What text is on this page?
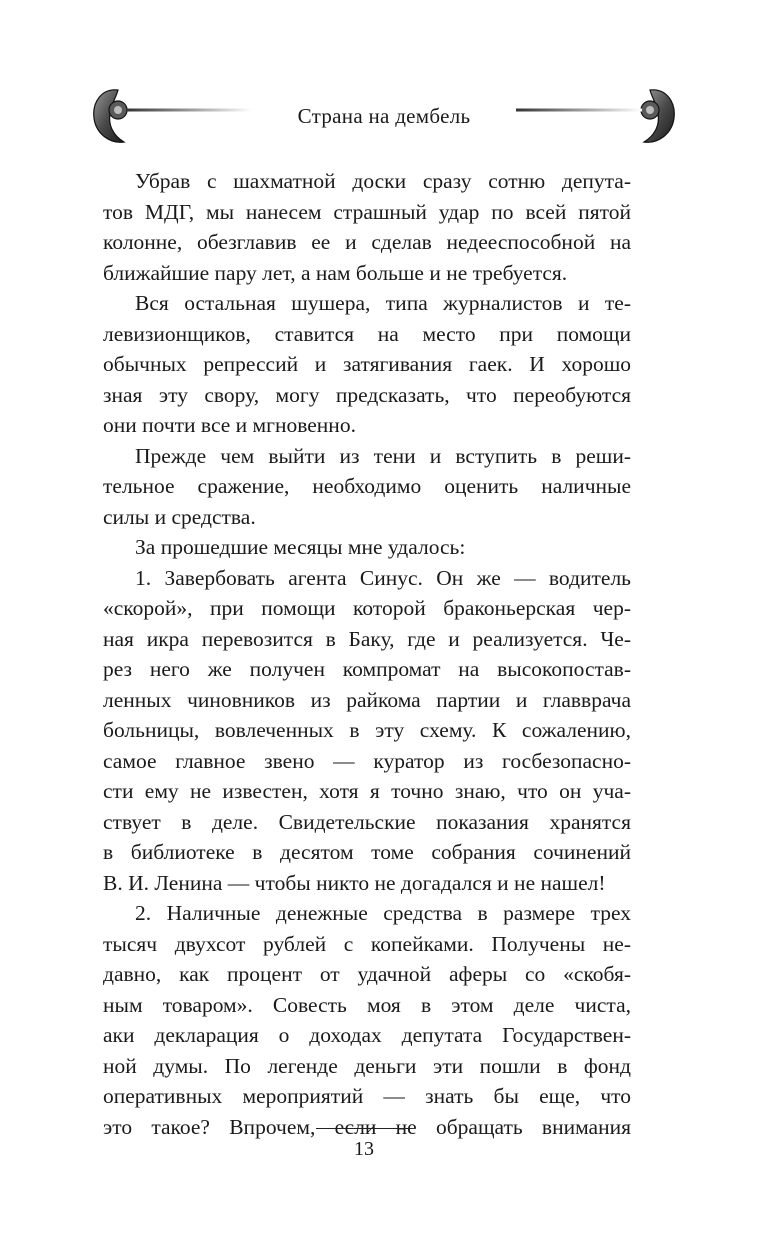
Страна на дембель
Убрав с шахматной доски сразу сотню депута-
тов МДГ, мы нанесем страшный удар по всей пятой
колонне, обезглавив ее и сделав недееспособной на
ближайшие пару лет, а нам больше и не требуется.
Вся остальная шушера, типа журналистов и те-
левизионщиков, ставится на место при помощи
обычных репрессий и затягивания гаек. И хорошо
зная эту свору, могу предсказать, что переобуются
они почти все и мгновенно.
Прежде чем выйти из тени и вступить в реши-
тельное сражение, необходимо оценить наличные
силы и средства.
За прошедшие месяцы мне удалось:
1. Завербовать агента Синус. Он же — водитель
«скорой», при помощи которой браконьерская чер-
ная икра перевозится в Баку, где и реализуется. Че-
рез него же получен компромат на высокопостав-
ленных чиновников из райкома партии и главврача
больницы, вовлеченных в эту схему. К сожалению,
самое главное звено — куратор из госбезопасно-
сти ему не известен, хотя я точно знаю, что он уча-
ствует в деле. Свидетельские показания хранятся
в библиотеке в десятом томе собрания сочинений
В. И. Ленина — чтобы никто не догадался и не нашел!
2. Наличные денежные средства в размере трех
тысяч двухсот рублей с копейками. Получены не-
давно, как процент от удачной аферы со «скобя-
ным товаром». Совесть моя в этом деле чиста,
аки декларация о доходах депутата Государствен-
ной думы. По легенде деньги эти пошли в фонд
оперативных мероприятий — знать бы еще, что
это такое? Впрочем, если не обращать внимания
13
